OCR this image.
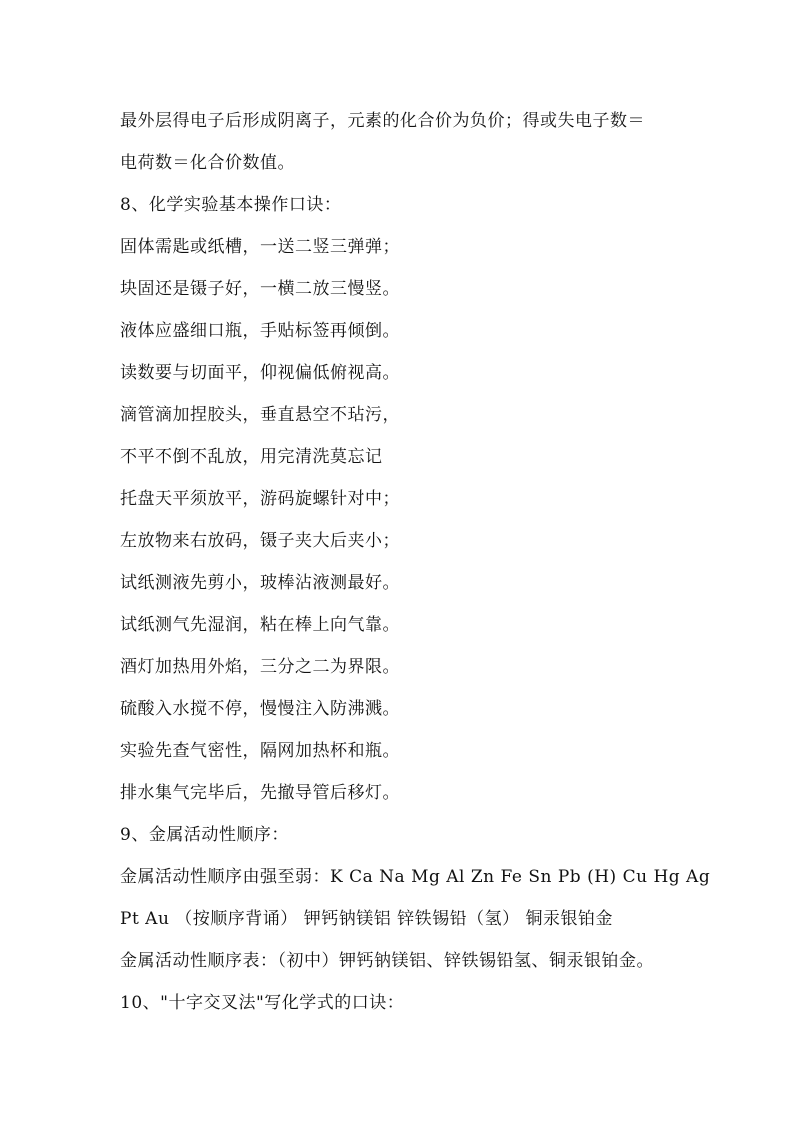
最外层得电子后形成阴离子，元素的化合价为负价；得或失电子数＝
电荷数＝化合价数值。
8、化学实验基本操作口诀：
固体需匙或纸槽，一送二竖三弹弹；
块固还是镊子好，一横二放三慢竖。
液体应盛细口瓶，手贴标签再倾倒。
读数要与切面平，仰视偏低俯视高。
滴管滴加捏胶头，垂直悬空不玷污，
不平不倒不乱放，用完清洗莫忘记
托盘天平须放平，游码旋螺针对中；
左放物来右放码，镊子夹大后夹小；
试纸测液先剪小，玻棒沾液测最好。
试纸测气先湿润，粘在棒上向气靠。
酒灯加热用外焰，三分之二为界限。
硫酸入水搅不停，慢慢注入防沸溅。
实验先查气密性，隔网加热杯和瓶。
排水集气完毕后，先撤导管后移灯。
9、金属活动性顺序：
金属活动性顺序由强至弱：K Ca Na Mg Al Zn Fe Sn Pb (H) Cu Hg Ag
Pt Au （按顺序背诵） 钾钙钠镁铝 锌铁锡铅（氢） 铜汞银铂金
金属活动性顺序表：（初中）钾钙钠镁铝、锌铁锡铅氢、铜汞银铂金。
10、"十字交叉法"写化学式的口诀：
